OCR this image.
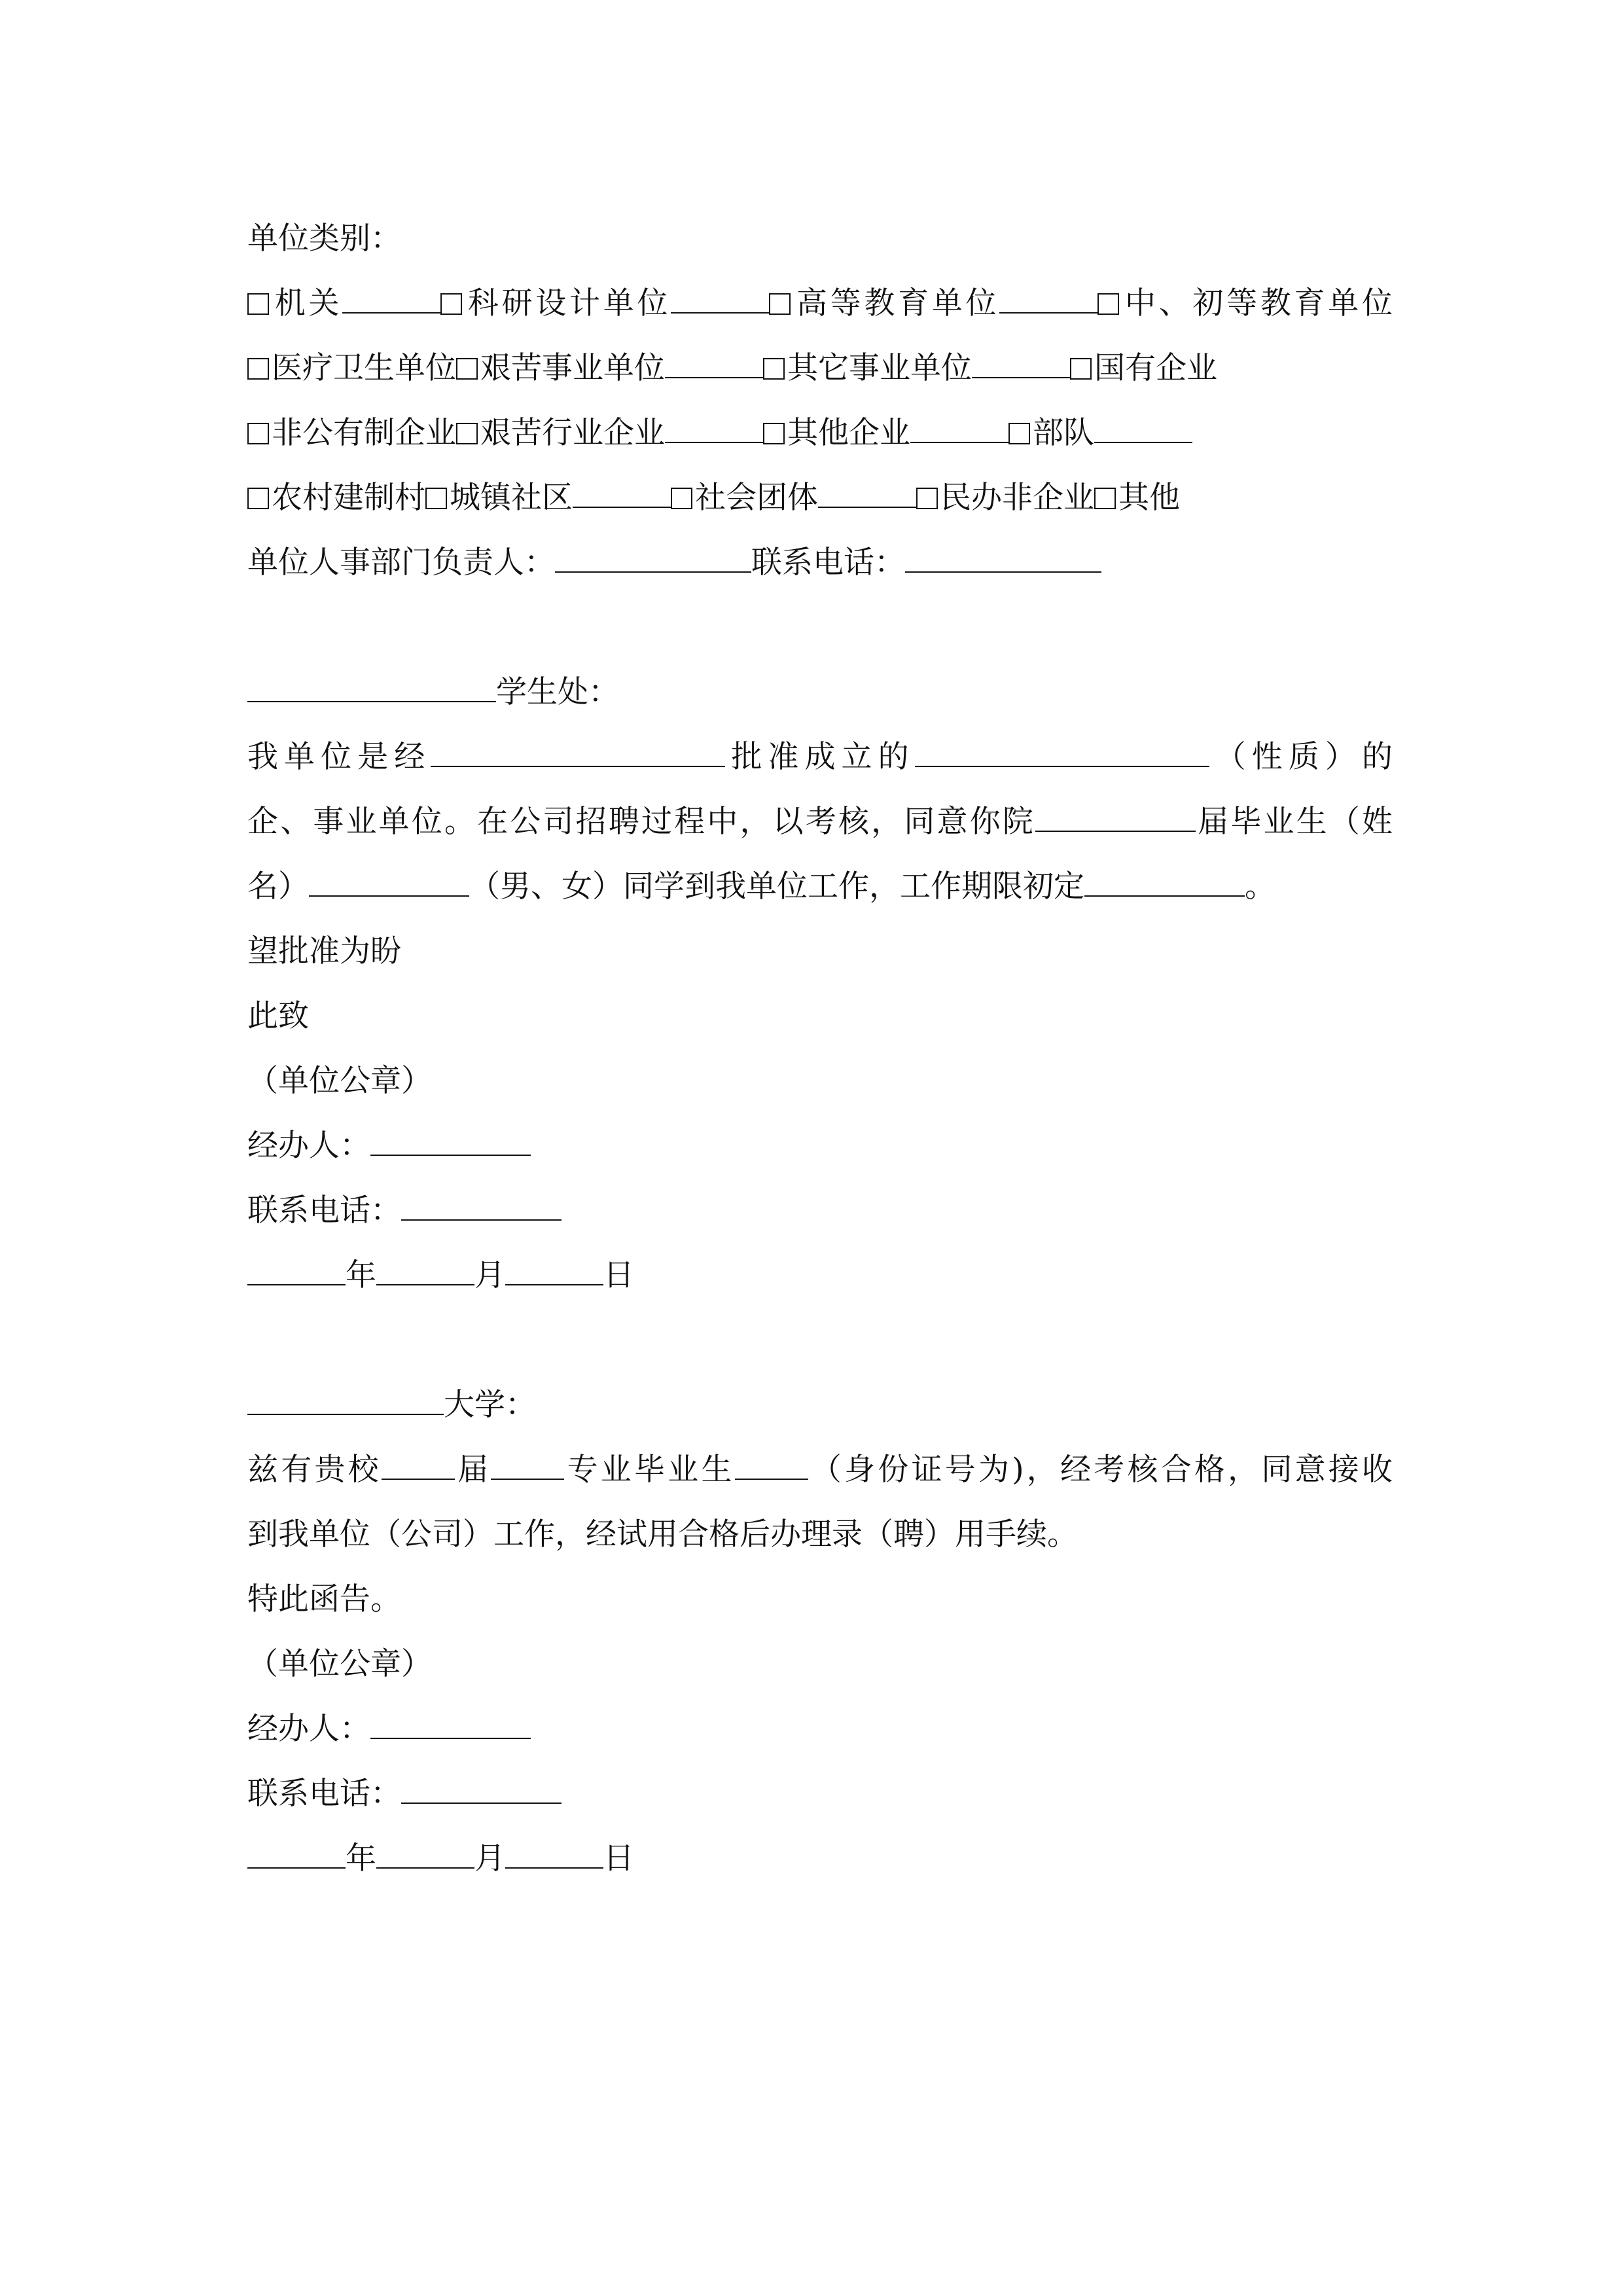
单位类别：
机关	科研设计单位	高等教育单位	中、初等教育单位
医疗卫生单位 艰苦事业单位	其它事业单位	国有企业
非公有制企业 艰苦行业企业	其他企业	部队
农村建制村 城镇社区	社会团体	民办非企业 其他
单位人事部门负责人：	联系电话：
学生处：
我单位是经	批准成立的	（性质）的
企、事业单位。在公司招聘过程中，以考核，同意你院	届毕业生（姓
名）	（男、女）同学到我单位工作，工作期限初定	。
望批准为盼
此致
（单位公章）
经办人：
联系电话：
年	月	日
大学：
兹有贵校 届 专业毕业生 （身份证号为)，经考核合格，同意接收
到我单位（公司）工作，经试用合格后办理录（聘）用手续。
特此函告。
（单位公章）
经办人：
联系电话：
年	月	日
